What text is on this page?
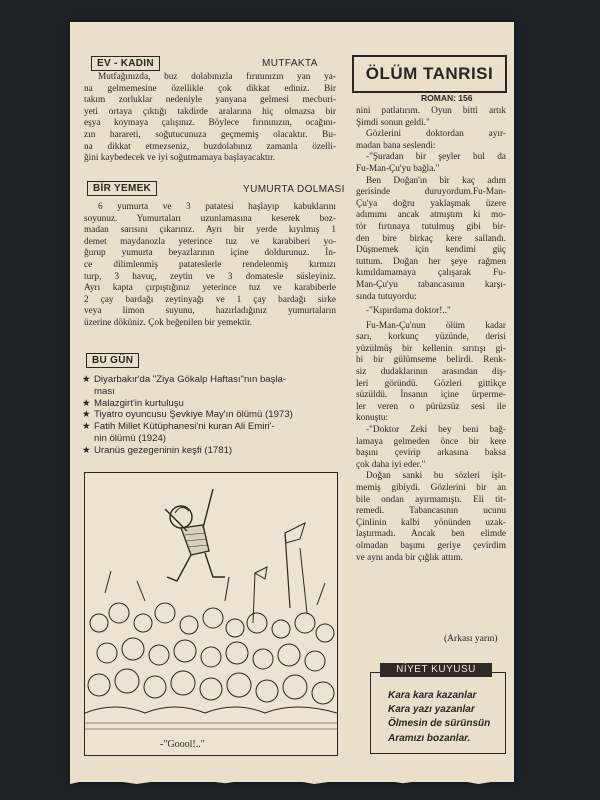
EV - KADIN	MUTFAKTA
Mutfağınızda, buz dolabınızla fırınınızın yan ya-
na gelmemesine özellikle çok dikkat ediniz. Bir
takım zorluklar nedeniyle yanyana gelmesi mecburi-
yeti ortaya çıktığı takdirde aralarına hiç olmazsa bir
eşya koymaya çalışınız. Böylece fırınınızın, ocağını-
zın harareti, soğutucunuza geçmemiş olacaktır. Bu-
na dikkat etmezseniz, buzdolabınız zamanla özelli-
ğini kaybedecek ve iyi soğutmamaya başlayacaktır.
BİR YEMEK	YUMURTA DOLMASI
6 yumurta ve 3 patatesi haşlayıp kabuklarını
soyunuz. Yumurtaları uzunlamasına keserek boz-
madan sarısını çıkarınız. Ayrı bir yerde kıyılmış 1
demet maydanozla yeterince tuz ve karabiberi yo-
ğurup yumurta beyazlarının içine doldurunuz. İn-
ce dilimlenmiş patateslerle rendelenmiş kırmızı
turp, 3 havuç, zeytin ve 3 domatesle süsleyiniz.
Ayrı kapta çırpıştığınız yeterince tuz ve karabiberle
2 çay bardağı zeytinyağı ve 1 çay bardağı sirke
veya limon suyunu, hazırladığınız yumurtaların
üzerine döküniz. Çok beğenilen bir yemektir.
BU GÜN
★ Diyarbakır'da "Ziya Gökalp Haftası"nın başla-
ması
★ Malazgirt'in kurtuluşu
★ Tiyatro oyuncusu Şevkiye May'ın ölümü (1973)
★ Fatih Millet Kütüphanesi'ni kuran Ali Emiri'-
nin ölümü (1924)
★ Uranüs gezegeninin keşfi (1781)
-"Goool!.."
ÖLÜM TANRISI
ROMAN: 156
nini patlatırım. Oyun bitti artık
Şimdi sonun geldi."
Gözlerini doktordan ayır-
madan bana seslendi:
-"Şuradan bir şeyler bul da
Fu-Man-Çu'yu bağla."
Ben Doğan'ın bir kaç adım
gerisinde duruyordum.Fu-Man-
Çu'ya doğru yaklaşmak üzere
adımımı ancak atmıştım ki mo-
tör fırtınaya tutulmuş gibi bir-
den bire birkaç kere sallandı.
Düşmemek için kendimi güç
tuttum. Doğan her şeye rağmen
kımıldamamaya çalışarak Fu-
Man-Çu'yu tabancasının karşı-
sında tutuyordu:
-"Kıpırdama doktor!.."
Fu-Man-Çu'nun ölüm kadar
sarı, korkunç yüzünde, derisi
yüzülmüş bir kellenin sırıtışı gi-
bi bir gülümseme belirdi. Renk-
siz dudaklarının arasından diş-
leri göründü. Gözleri gittikçe
süzüldü. İnsanın içine ürperme-
ler veren o pürüzsüz sesi ile
konuştu:
-"Doktor Zeki bey beni bağ-
lamaya gelmeden önce bir kere
başını çevirip arkasına baksa
çok daha iyi eder."
Doğan sanki bu sözleri işit-
memiş gibiydi. Gözlerini bir an
bile ondan ayırmamıştı. Eli tit-
remedi. Tabancasının ucunu
Çinlinin kalbi yönünden uzak-
laştırmadı. Ancak ben elimde
olmadan başımı geriye çevirdim
ve aynı anda bir çığlık attım.
(Arkası yarın)
NİYET KUYUSU
Kara kara kazanlar
Kara yazı yazanlar
Ölmesin de sürünsün
Aramızı bozanlar.
